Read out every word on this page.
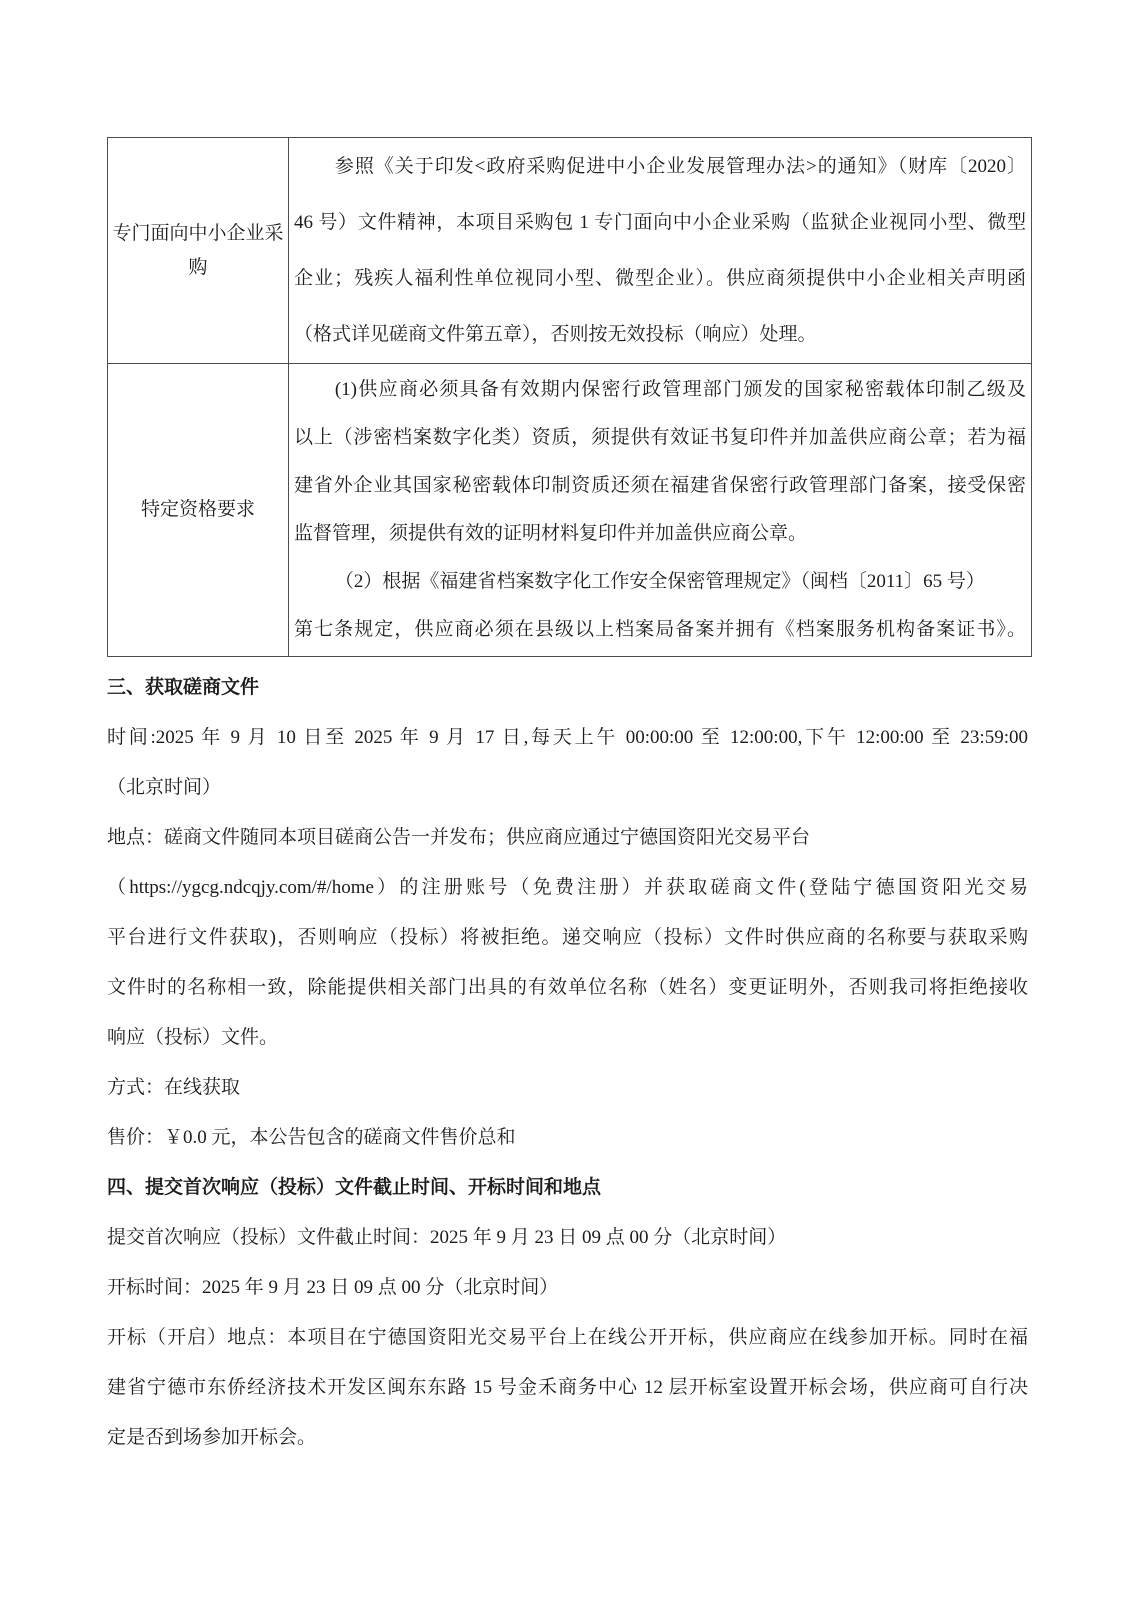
专门面向中小企业采购
参照《关于印发<政府采购促进中小企业发展管理办法>的通知》（财库〔2020〕
46 号）文件精神，本项目采购包 1 专门面向中小企业采购（监狱企业视同小型、微型
企业；残疾人福利性单位视同小型、微型企业）。供应商须提供中小企业相关声明函
（格式详见磋商文件第五章），否则按无效投标（响应）处理。
特定资格要求
(1)供应商必须具备有效期内保密行政管理部门颁发的国家秘密载体印制乙级及
以上（涉密档案数字化类）资质，须提供有效证书复印件并加盖供应商公章；若为福
建省外企业其国家秘密载体印制资质还须在福建省保密行政管理部门备案，接受保密
监督管理，须提供有效的证明材料复印件并加盖供应商公章。
（2）根据《福建省档案数字化工作安全保密管理规定》（闽档〔2011〕65 号）
第七条规定，供应商必须在县级以上档案局备案并拥有《档案服务机构备案证书》。
三、获取磋商文件
时间:2025 年 9 月 10 日至 2025 年 9 月 17 日,每天上午 00:00:00 至 12:00:00,下午 12:00:00 至 23:59:00
（北京时间）
地点：磋商文件随同本项目磋商公告一并发布；供应商应通过宁德国资阳光交易平台
（https://ygcg.ndcqjy.com/#/home）的注册账号（免费注册）并获取磋商文件(登陆宁德国资阳光交易
平台进行文件获取)，否则响应（投标）将被拒绝。递交响应（投标）文件时供应商的名称要与获取采购
文件时的名称相一致，除能提供相关部门出具的有效单位名称（姓名）变更证明外，否则我司将拒绝接收
响应（投标）文件。
方式：在线获取
售价：￥0.0 元，本公告包含的磋商文件售价总和
四、提交首次响应（投标）文件截止时间、开标时间和地点
提交首次响应（投标）文件截止时间：2025 年 9 月 23 日 09 点 00 分（北京时间）
开标时间：2025 年 9 月 23 日 09 点 00 分（北京时间）
开标（开启）地点：本项目在宁德国资阳光交易平台上在线公开开标，供应商应在线参加开标。同时在福
建省宁德市东侨经济技术开发区闽东东路 15 号金禾商务中心 12 层开标室设置开标会场，供应商可自行决
定是否到场参加开标会。
